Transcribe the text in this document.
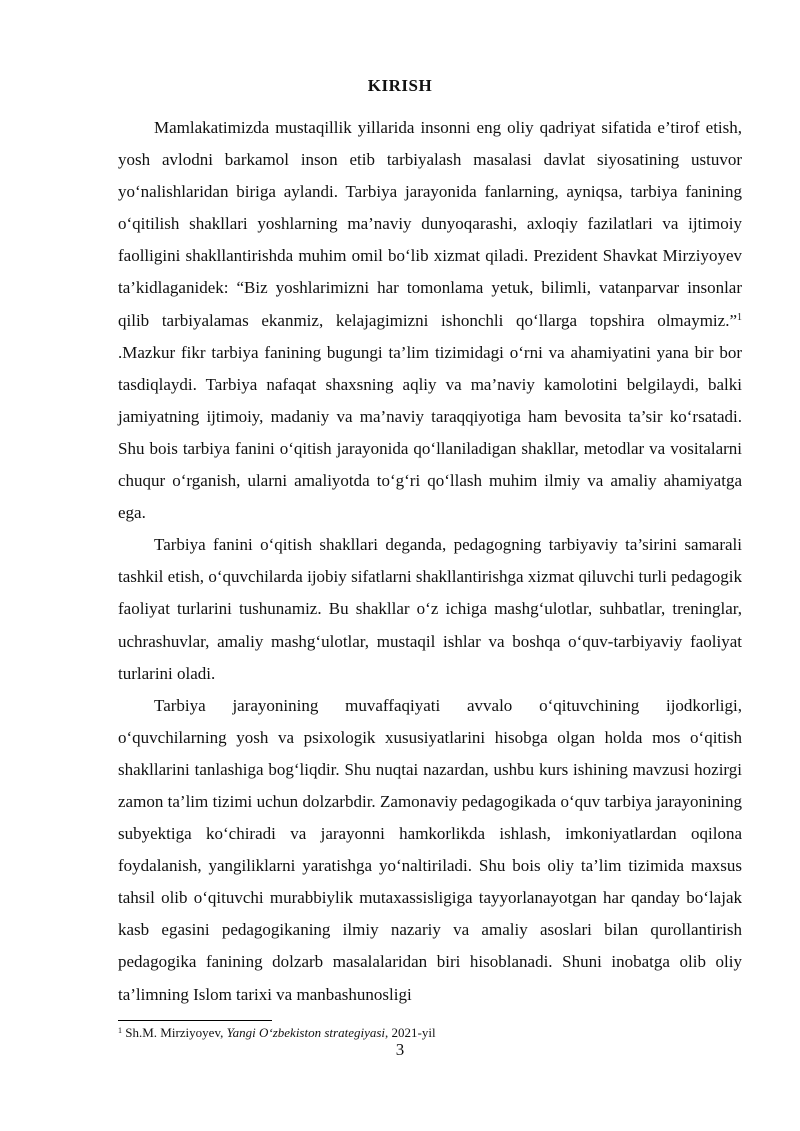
KIRISH

Mamlakatimizda mustaqillik yillarida insonni eng oliy qadriyat sifatida e’tirof etish, yosh avlodni barkamol inson etib tarbiyalash masalasi davlat siyosatining ustuvor yo‘nalishlaridan biriga aylandi. Tarbiya jarayonida fanlarning, ayniqsa, tarbiya fanining o‘qitilish shakllari yoshlarning ma’naviy dunyoqarashi, axloqiy fazilatlari va ijtimoiy faolligini shakllantirishda muhim omil bo‘lib xizmat qiladi. Prezident Shavkat Mirziyoyev ta’kidlaganidek: “Biz yoshlarimizni har tomonlama yetuk, bilimli, vatanparvar insonlar qilib tarbiyalamas ekanmiz, kelajagimizni ishonchli qo‘llarga topshira olmaymiz.”$^1$ .Mazkur fikr tarbiya fanining bugungi ta’lim tizimidagi o‘rni va ahamiyatini yana bir bor tasdiqlaydi. Tarbiya nafaqat shaxsning aqliy va ma’naviy kamolotini belgilaydi, balki jamiyatning ijtimoiy, madaniy va ma’naviy taraqqiyotiga ham bevosita ta’sir ko‘rsatadi. Shu bois tarbiya fanini o‘qitish jarayonida qo‘llaniladigan shakllar, metodlar va vositalarni chuqur o‘rganish, ularni amaliyotda to‘g‘ri qo‘llash muhim ilmiy va amaliy ahamiyatga ega.

Tarbiya fanini o‘qitish shakllari deganda, pedagogning tarbiyaviy ta’sirini samarali tashkil etish, o‘quvchilarda ijobiy sifatlarni shakllantirishga xizmat qiluvchi turli pedagogik faoliyat turlarini tushunamiz. Bu shakllar o‘z ichiga mashg‘ulotlar, suhbatlar, treninglar, uchrashuvlar, amaliy mashg‘ulotlar, mustaqil ishlar va boshqa o‘quv-tarbiyaviy faoliyat turlarini oladi.

Tarbiya jarayonining muvaffaqiyati avvalo o‘qituvchining ijodkorligi, o‘quvchilarning yosh va psixologik xususiyatlarini hisobga olgan holda mos o‘qitish shakllarini tanlashiga bog‘liqdir. Shu nuqtai nazardan, ushbu kurs ishining mavzusi hozirgi zamon ta’lim tizimi uchun dolzarbdir. Zamonaviy pedagogikada o‘quv tarbiya jarayonining subyektiga ko‘chiradi va jarayonni hamkorlikda ishlash, imkoniyatlardan oqilona foydalanish, yangiliklarni yaratishga yo‘naltiriladi. Shu bois oliy ta’lim tizimida maxsus tahsil olib o‘qituvchi murabbiylik mutaxassisligiga tayyorlanayotgan har qanday bo‘lajak kasb egasini pedagogikaning ilmiy nazariy va amaliy asoslari bilan qurollantirish pedagogika fanining dolzarb masalalaridan biri hisoblanadi. Shuni inobatga olib oliy ta’limning Islom tarixi va manbashunosligi

$^1$ Sh.M. Mirziyoyev, Yangi O‘zbekiston strategiyasi, 2021-yil
3
